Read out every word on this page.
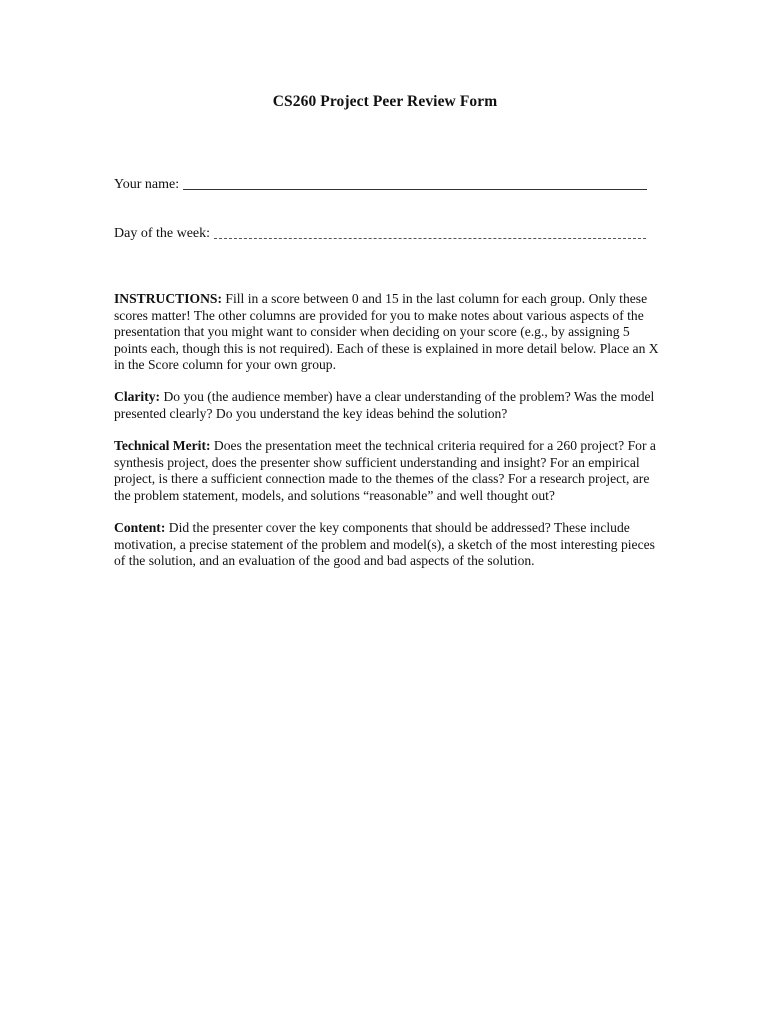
CS260 Project Peer Review Form
Your name:
Day of the week:

INSTRUCTIONS: Fill in a score between 0 and 15 in the last column for each group. Only these scores matter! The other columns are provided for you to make notes about various aspects of the presentation that you might want to consider when deciding on your score (e.g., by assigning 5 points each, though this is not required). Each of these is explained in more detail below. Place an X in the Score column for your own group.

Clarity: Do you (the audience member) have a clear understanding of the problem? Was the model presented clearly? Do you understand the key ideas behind the solution?

Technical Merit: Does the presentation meet the technical criteria required for a 260 project? For a synthesis project, does the presenter show sufficient understanding and insight? For an empirical project, is there a sufficient connection made to the themes of the class? For a research project, are the problem statement, models, and solutions “reasonable” and well thought out?

Content: Did the presenter cover the key components that should be addressed? These include motivation, a precise statement of the problem and model(s), a sketch of the most interesting pieces of the solution, and an evaluation of the good and bad aspects of the solution.
